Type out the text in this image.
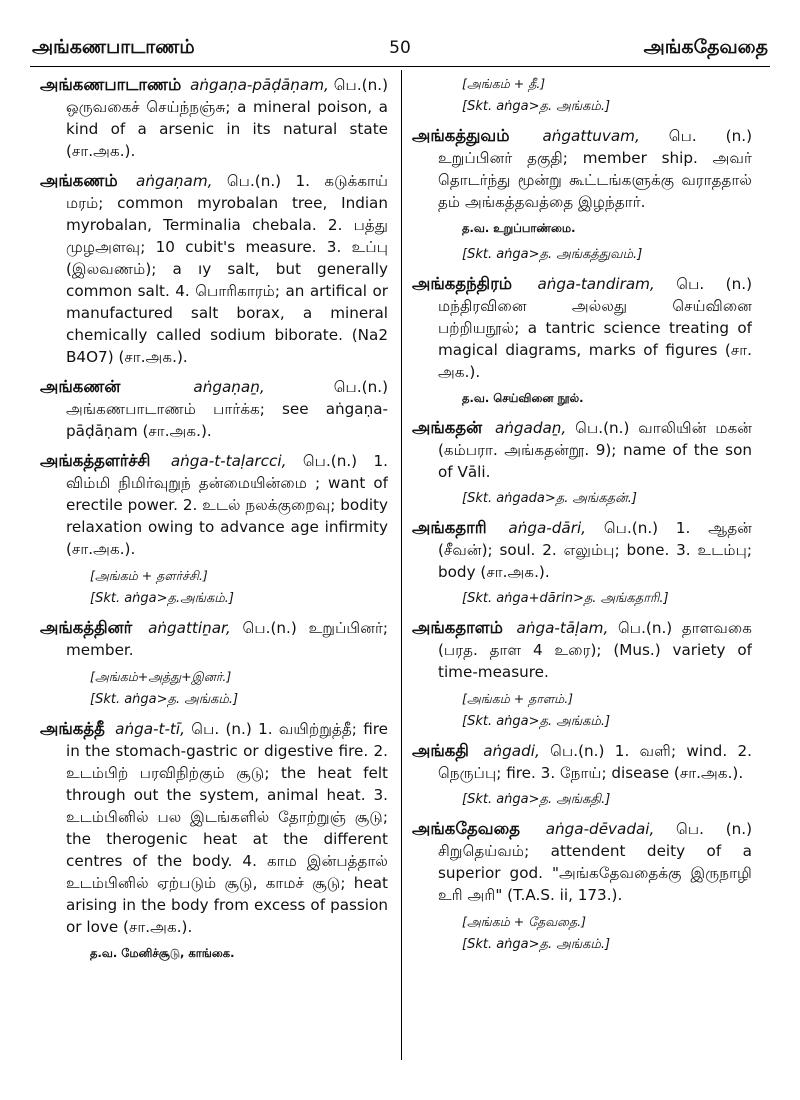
அங்கணபாடாணம்	50	அங்கதேவதை
அங்கணபாடாணம் aṅgaṇa-pāḍāṇam, பெ.(n.) ஒருவகைச் செய்ந்நஞ்சு; a mineral poison, a kind of a arsenic in its natural state (சா.அக.).
அங்கணம் aṅgaṇam, பெ.(n.) 1. கடுக்காய் மரம்; common myrobalan tree, Indian myrobalan, Terminalia chebala. 2. பத்து முழஅளவு; 10 cubit's measure. 3. உப்பு (இலவணம்); a ıy salt, but generally common salt. 4. பொரிகாரம்; an artifical or manufactured salt borax, a mineral chemically called sodium biborate. (Na2 B4O7) (சா.அக.).
அங்கணன்	aṅgaṇaṉ,	பெ.(n.) அங்கணபாடாணம் பார்க்க; see aṅgaṇa-pāḍāṇam (சா.அக.).
அங்கத்தளர்ச்சி aṅga-t-taḷarcci, பெ.(n.) 1. விம்மி நிமிர்வுறுந் தன்மையின்மை ; want of erectile power. 2. உடல் நலக்குறைவு; bodity relaxation owing to advance age infirmity (சா.அக.).
[அங்கம் + தளர்ச்சி.]
[Skt. aṅga>த.அங்கம்.]
அங்கத்தினர் aṅgattiṉar, பெ.(n.) உறுப்பினர்; member.
[அங்கம்+அத்து+இனர்.]
[Skt. aṅga>த. அங்கம்.]
அங்கத்தீ aṅga-t-tī, பெ. (n.) 1. வயிற்றுத்தீ; fire in the stomach-gastric or digestive fire. 2. உடம்பிற் பரவிநிற்கும் சூடு; the heat felt through out the system, animal heat. 3. உடம்பினில் பல இடங்களில் தோற்றுஞ் சூடு; the therogenic heat at the different centres of the body. 4. காம இன்பத்தால் உடம்பினில் ஏற்படும் சூடு, காமச் சூடு; heat arising in the body from excess of passion or love (சா.அக.).
த.வ. மேனிச்சூடு, காங்கை.
[அங்கம் + தீ.]
[Skt. aṅga>த. அங்கம்.]
அங்கத்துவம் aṅgattuvam, பெ. (n.) உறுப்பினர் தகுதி; member ship. அவர் தொடர்ந்து மூன்று கூட்டங்களுக்கு வராததால் தம் அங்கத்தவத்தை இழந்தார்.
த.வ. உறுப்பாண்மை.
[Skt. aṅga>த. அங்கத்துவம்.]
அங்கதந்திரம் aṅga-tandiram, பெ. (n.) மந்திரவினை அல்லது செய்வினை பற்றியநூல்; a tantric science treating of magical diagrams, marks of figures (சா. அக.).
த.வ. செய்வினை நூல்.
அங்கதன் aṅgadaṉ, பெ.(n.) வாலியின் மகன் (கம்பரா. அங்கதன்றூ. 9); name of the son of Vāli.
[Skt. aṅgada>த. அங்கதன்.]
அங்கதாரி aṅga-dāri, பெ.(n.) 1. ஆதன் (சீவன்); soul. 2. எலும்பு; bone. 3. உடம்பு; body (சா.அக.).
[Skt. aṅga+dārin>த. அங்கதாரி.]
அங்கதாளம் aṅga-tāḷam, பெ.(n.) தாளவகை (பரத. தாள 4 உரை); (Mus.) variety of time-measure.
[அங்கம் + தாளம்.]
[Skt. aṅga>த. அங்கம்.]
அங்கதி aṅgadi, பெ.(n.) 1. வளி; wind. 2. நெருப்பு; fire. 3. நோய்; disease (சா.அக.).
[Skt. aṅga>த. அங்கதி.]
அங்கதேவதை aṅga-dēvadai, பெ. (n.) சிறுதெய்வம்; attendent deity of a superior god. "அங்கதேவதைக்கு இருநாழி உரி அரி" (T.A.S. ii, 173.).
[அங்கம் + தேவதை.]
[Skt. aṅga>த. அங்கம்.]
